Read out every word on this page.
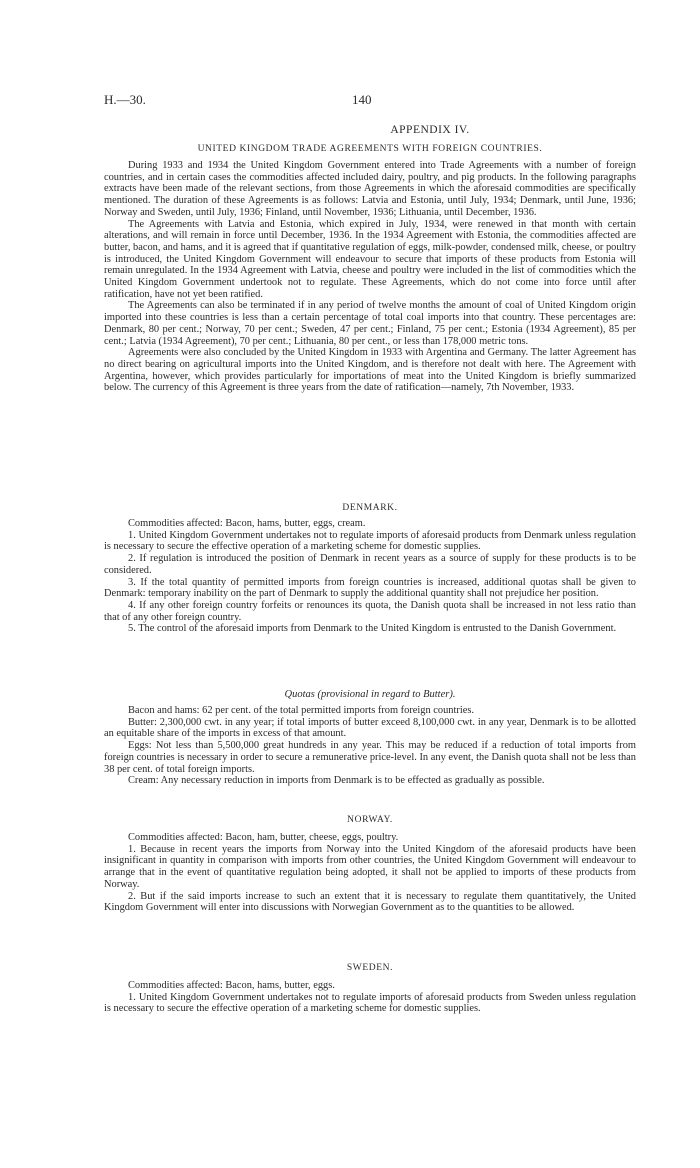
H.—30.	140
APPENDIX IV.
UNITED KINGDOM TRADE AGREEMENTS WITH FOREIGN COUNTRIES.

During 1933 and 1934 the United Kingdom Government entered into Trade Agreements with a number of foreign countries, and in certain cases the commodities affected included dairy, poultry, and pig products. In the following paragraphs extracts have been made of the relevant sections, from those Agreements in which the aforesaid commodities are specifically mentioned. The duration of these Agreements is as follows: Latvia and Estonia, until July, 1934; Denmark, until June, 1936; Norway and Sweden, until July, 1936; Finland, until November, 1936; Lithuania, until December, 1936.

The Agreements with Latvia and Estonia, which expired in July, 1934, were renewed in that month with certain alterations, and will remain in force until December, 1936. In the 1934 Agreement with Estonia, the commodities affected are butter, bacon, and hams, and it is agreed that if quantitative regulation of eggs, milk-powder, condensed milk, cheese, or poultry is introduced, the United Kingdom Government will endeavour to secure that imports of these products from Estonia will remain unregulated. In the 1934 Agreement with Latvia, cheese and poultry were included in the list of commodities which the United Kingdom Government undertook not to regulate. These Agreements, which do not come into force until after ratification, have not yet been ratified.

The Agreements can also be terminated if in any period of twelve months the amount of coal of United Kingdom origin imported into these countries is less than a certain percentage of total coal imports into that country. These percentages are: Denmark, 80 per cent.; Norway, 70 per cent.; Sweden, 47 per cent.; Finland, 75 per cent.; Estonia (1934 Agreement), 85 per cent.; Latvia (1934 Agreement), 70 per cent.; Lithuania, 80 per cent., or less than 178,000 metric tons.

Agreements were also concluded by the United Kingdom in 1933 with Argentina and Germany. The latter Agreement has no direct bearing on agricultural imports into the United Kingdom, and is therefore not dealt with here. The Agreement with Argentina, however, which provides particularly for importations of meat into the United Kingdom is briefly summarized below. The currency of this Agreement is three years from the date of ratification—namely, 7th November, 1933.

DENMARK.

Commodities affected: Bacon, hams, butter, eggs, cream.

1. United Kingdom Government undertakes not to regulate imports of aforesaid products from Denmark unless regulation is necessary to secure the effective operation of a marketing scheme for domestic supplies.

2. If regulation is introduced the position of Denmark in recent years as a source of supply for these products is to be considered.

3. If the total quantity of permitted imports from foreign countries is increased, additional quotas shall be given to Denmark: temporary inability on the part of Denmark to supply the additional quantity shall not prejudice her position.

4. If any other foreign country forfeits or renounces its quota, the Danish quota shall be increased in not less ratio than that of any other foreign country.

5. The control of the aforesaid imports from Denmark to the United Kingdom is entrusted to the Danish Government.

Quotas (provisional in regard to Butter).

Bacon and hams: 62 per cent. of the total permitted imports from foreign countries.

Butter: 2,300,000 cwt. in any year; if total imports of butter exceed 8,100,000 cwt. in any year, Denmark is to be allotted an equitable share of the imports in excess of that amount.

Eggs: Not less than 5,500,000 great hundreds in any year. This may be reduced if a reduction of total imports from foreign countries is necessary in order to secure a remunerative price-level. In any event, the Danish quota shall not be less than 38 per cent. of total foreign imports.

Cream: Any necessary reduction in imports from Denmark is to be effected as gradually as possible.

NORWAY.

Commodities affected: Bacon, ham, butter, cheese, eggs, poultry.

1. Because in recent years the imports from Norway into the United Kingdom of the aforesaid products have been insignificant in quantity in comparison with imports from other countries, the United Kingdom Government will endeavour to arrange that in the event of quantitative regulation being adopted, it shall not be applied to imports of these products from Norway.

2. But if the said imports increase to such an extent that it is necessary to regulate them quantitatively, the United Kingdom Government will enter into discussions with Norwegian Government as to the quantities to be allowed.

SWEDEN.

Commodities affected: Bacon, hams, butter, eggs.

1. United Kingdom Government undertakes not to regulate imports of aforesaid products from Sweden unless regulation is necessary to secure the effective operation of a marketing scheme for domestic supplies.
